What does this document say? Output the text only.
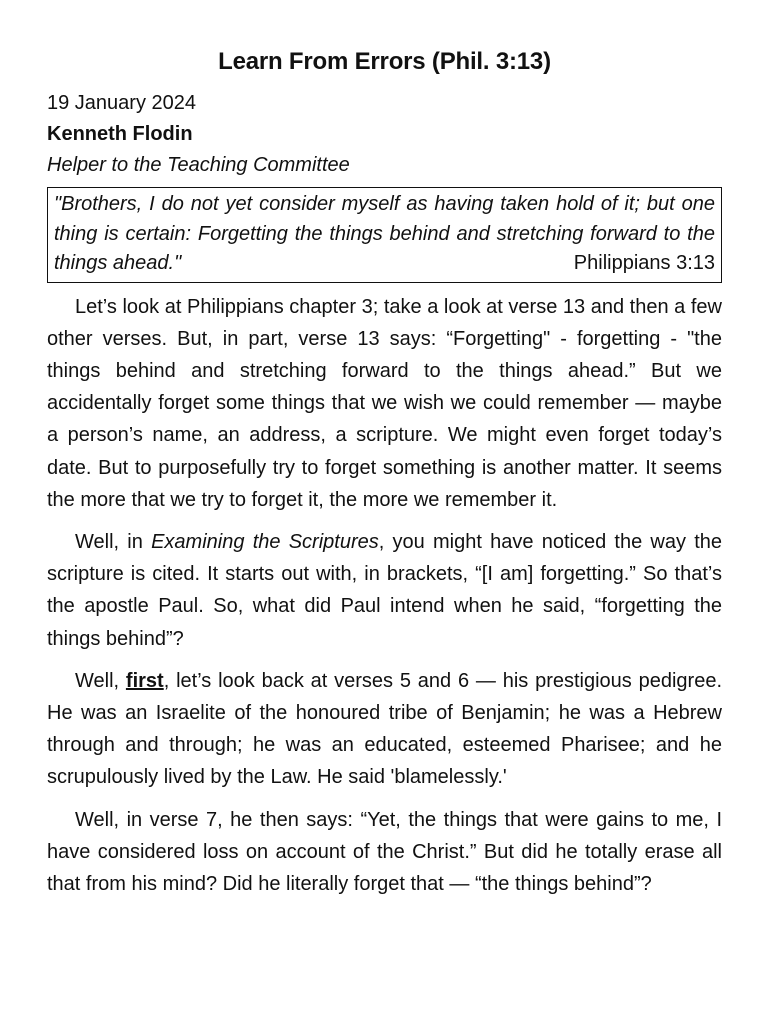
Learn From Errors (Phil. 3:13)

19 January 2024

Kenneth Flodin

Helper to the Teaching Committee

"Brothers, I do not yet consider myself as having taken hold of it; but one thing is certain: Forgetting the things behind and stretching forward to the things ahead."	Philippians 3:13

Let’s look at Philippians chapter 3; take a look at verse 13 and then a few other verses. But, in part, verse 13 says: “Forgetting" - forgetting - "the things behind and stretching forward to the things ahead.” But we accidentally forget some things that we wish we could remember — maybe a person’s name, an address, a scripture. We might even forget today’s date. But to purposefully try to forget something is another matter. It seems the more that we try to forget it, the more we remember it.

Well, in Examining the Scriptures, you might have noticed the way the scripture is cited. It starts out with, in brackets, “[I am] forgetting.” So that’s the apostle Paul. So, what did Paul intend when he said, “forgetting the things behind”?

Well, first, let’s look back at verses 5 and 6 — his prestigious pedigree. He was an Israelite of the honoured tribe of Benjamin; he was a Hebrew through and through; he was an educated, esteemed Pharisee; and he scrupulously lived by the Law. He said 'blamelessly.'

Well, in verse 7, he then says: “Yet, the things that were gains to me, I have considered loss on account of the Christ.” But did he totally erase all that from his mind? Did he literally forget that — “the things behind”?
